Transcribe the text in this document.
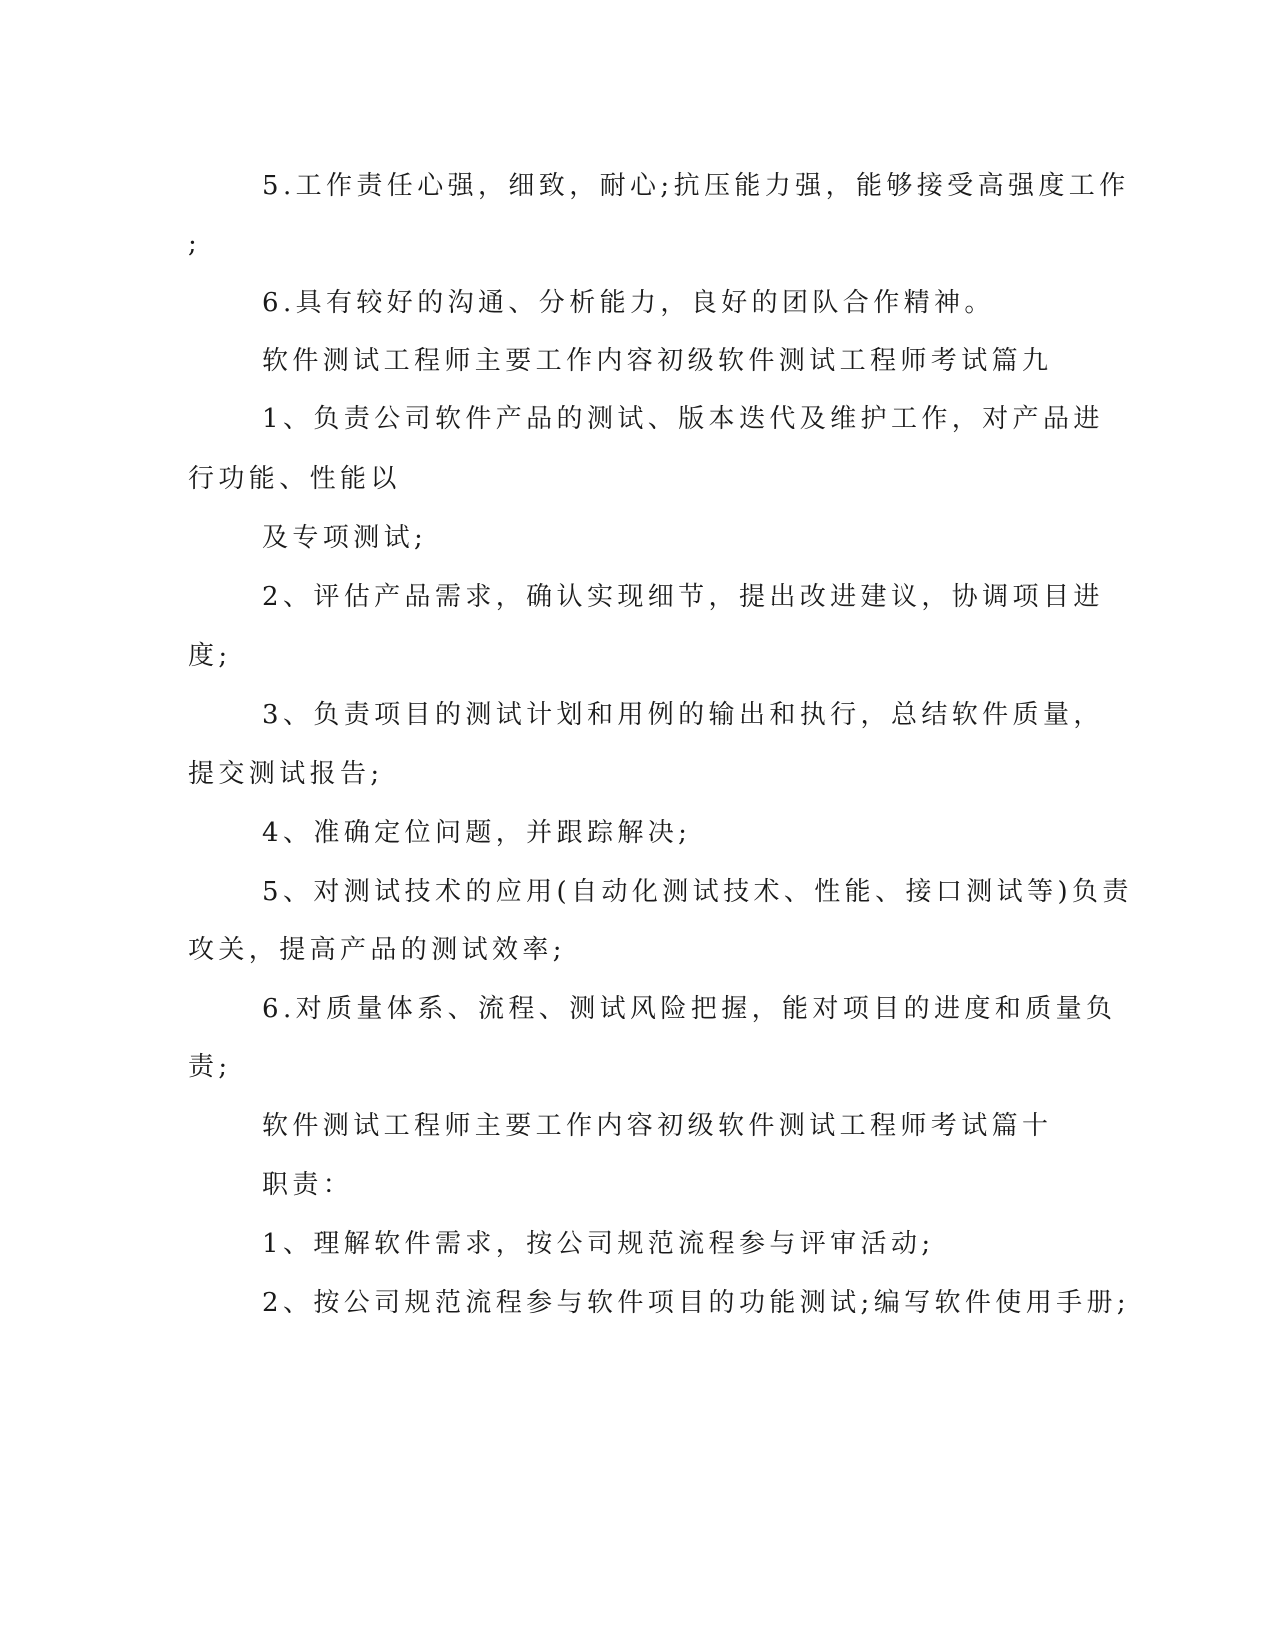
5.工作责任心强，细致，耐心;抗压能力强，能够接受高强度工作
;
6.具有较好的沟通、分析能力，良好的团队合作精神。
软件测试工程师主要工作内容初级软件测试工程师考试篇九
1、负责公司软件产品的测试、版本迭代及维护工作，对产品进
行功能、性能以
及专项测试;
2、评估产品需求，确认实现细节，提出改进建议，协调项目进
度;
3、负责项目的测试计划和用例的输出和执行，总结软件质量，
提交测试报告;
4、准确定位问题，并跟踪解决;
5、对测试技术的应用(自动化测试技术、性能、接口测试等)负责
攻关，提高产品的测试效率;
6.对质量体系、流程、测试风险把握，能对项目的进度和质量负
责;
软件测试工程师主要工作内容初级软件测试工程师考试篇十
职责：
1、理解软件需求，按公司规范流程参与评审活动;
2、按公司规范流程参与软件项目的功能测试;编写软件使用手册;
